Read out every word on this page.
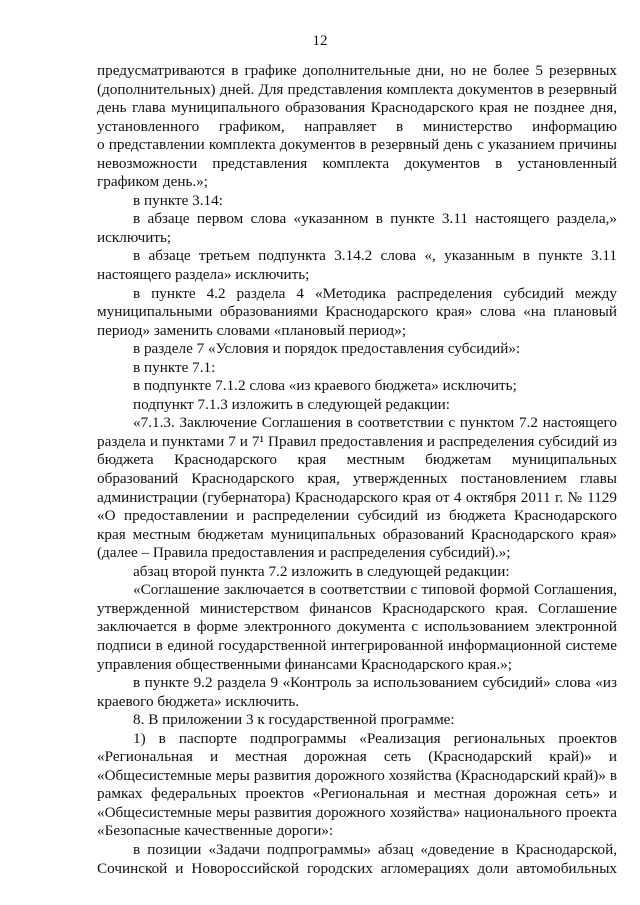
12
предусматриваются в графике дополнительные дни, но не более 5 резервных
(дополнительных) дней. Для представления комплекта документов в резервный
день глава муниципального образования Краснодарского края не позднее дня,
установленного графиком, направляет в министерство информацию
о представлении комплекта документов в резервный день с указанием причины
невозможности представления комплекта документов в установленный
графиком день.»;
в пункте 3.14:
в абзаце первом слова «указанном в пункте 3.11 настоящего раздела,»
исключить;
в абзаце третьем подпункта 3.14.2 слова «, указанным в пункте 3.11
настоящего раздела» исключить;
в пункте 4.2 раздела 4 «Методика распределения субсидий между
муниципальными образованиями Краснодарского края» слова «на плановый
период» заменить словами «плановый период»;
в разделе 7 «Условия и порядок предоставления субсидий»:
в пункте 7.1:
в подпункте 7.1.2 слова «из краевого бюджета» исключить;
подпункт 7.1.3 изложить в следующей редакции:
«7.1.3. Заключение Соглашения в соответствии с пунктом 7.2 настоящего
раздела и пунктами 7 и 7¹ Правил предоставления и распределения субсидий из
бюджета Краснодарского края местным бюджетам муниципальных
образований Краснодарского края, утвержденных постановлением главы
администрации (губернатора) Краснодарского края от 4 октября 2011 г. № 1129
«О предоставлении и распределении субсидий из бюджета Краснодарского
края местным бюджетам муниципальных образований Краснодарского края»
(далее – Правила предоставления и распределения субсидий).»;
абзац второй пункта 7.2 изложить в следующей редакции:
«Соглашение заключается в соответствии с типовой формой Соглашения,
утвержденной министерством финансов Краснодарского края. Соглашение
заключается в форме электронного документа с использованием электронной
подписи в единой государственной интегрированной информационной системе
управления общественными финансами Краснодарского края.»;
в пункте 9.2 раздела 9 «Контроль за использованием субсидий» слова «из
краевого бюджета» исключить.
8. В приложении 3 к государственной программе:
1) в паспорте подпрограммы «Реализация региональных проектов
«Региональная и местная дорожная сеть (Краснодарский край)» и
«Общесистемные меры развития дорожного хозяйства (Краснодарский край)» в
рамках федеральных проектов «Региональная и местная дорожная сеть» и
«Общесистемные меры развития дорожного хозяйства» национального проекта
«Безопасные качественные дороги»:
в позиции «Задачи подпрограммы» абзац «доведение в Краснодарской,
Сочинской и Новороссийской городских агломерациях доли автомобильных
